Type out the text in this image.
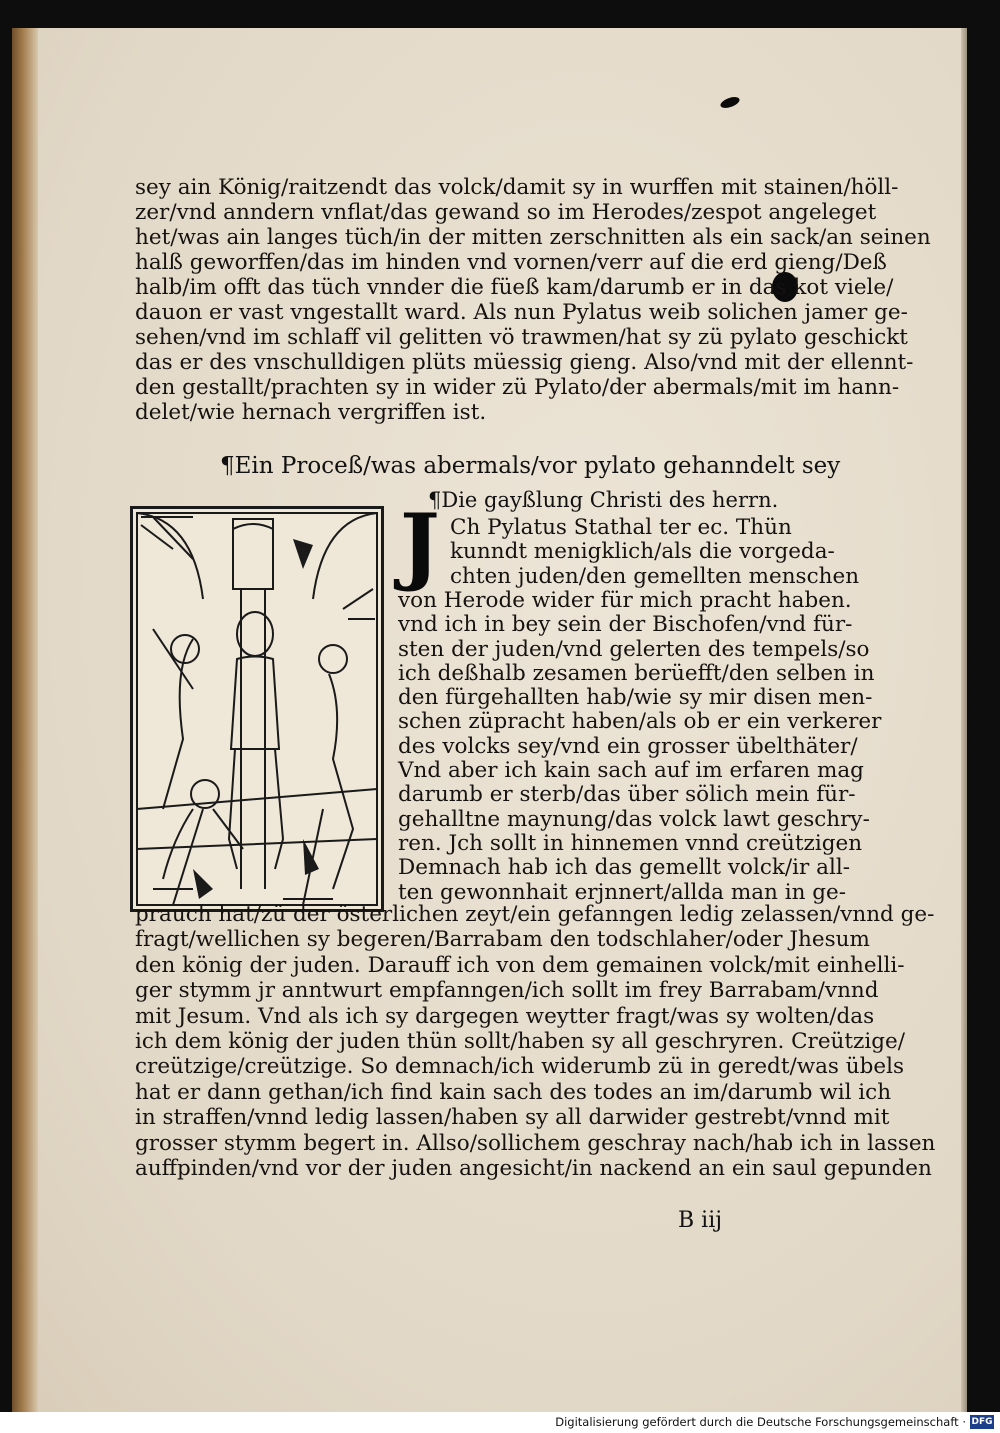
sey ain König/raitzendt das volck/damit sy in wurffen mit stainen/höll-
zer/vnd anndern vnflat/das gewand so im Herodes/zespot angeleget
het/was ain langes tüch/in der mitten zerschnitten als ein sack/an seinen
halß geworffen/das im hinden vnd vornen/verr auf die erd gieng/Deß
halb/im offt das tüch vnnder die füeß kam/darumb er in das kot viele/
dauon er vast vngestallt ward. Als nun Pylatus weib solichen jamer ge-
sehen/vnd im schlaff vil gelitten vö trawmen/hat sy zü pylato geschickt
das er des vnschulldigen plüts müessig gieng. Also/vnd mit der ellennt-
den gestallt/prachten sy in wider zü Pylato/der abermals/mit im hann-
delet/wie hernach vergriffen ist.
¶Ein Proceß/was abermals/vor pylato gehanndelt sey
¶Die gayßlung Christi des herrn.
J Ch Pylatus Stathal ter ec. Thün
kunndt menigklich/als die vorgeda-
chten juden/den gemellten menschen
von Herode wider für mich pracht haben.
vnd ich in bey sein der Bischofen/vnd für-
sten der juden/vnd gelerten des tempels/so
ich deßhalb zesamen berüefft/den selben in
den fürgehallten hab/wie sy mir disen men-
schen züpracht haben/als ob er ein verkerer
des volcks sey/vnd ein grosser übelthäter/
Vnd aber ich kain sach auf im erfaren mag
darumb er sterb/das über sölich mein für-
gehalltne maynung/das volck lawt geschry-
ren. Jch sollt in hinnemen vnnd creützigen
Demnach hab ich das gemellt volck/ir all-
ten gewonnhait erjnnert/allda man in ge-
prauch hat/zü der österlichen zeyt/ein gefanngen ledig zelassen/vnnd ge-
fragt/wellichen sy begeren/Barrabam den todschlaher/oder Jhesum
den könig der juden. Darauff ich von dem gemainen volck/mit einhelli-
ger stymm jr anntwurt empfanngen/ich sollt im frey Barrabam/vnnd
mit Jesum. Vnd als ich sy dargegen weytter fragt/was sy wolten/das
ich dem könig der juden thün sollt/haben sy all geschryren. Creützige/
creützige/creützige. So demnach/ich widerumb zü in geredt/was übels
hat er dann gethan/ich find kain sach des todes an im/darumb wil ich
in straffen/vnnd ledig lassen/haben sy all darwider gestrebt/vnnd mit
grosser stymm begert in. Allso/sollichem geschray nach/hab ich in lassen
auffpinden/vnd vor der juden angesicht/in nackend an ein saul gepunden
B iij
Digitalisierung gefördert durch die Deutsche Forschungsgemeinschaft · DFG
